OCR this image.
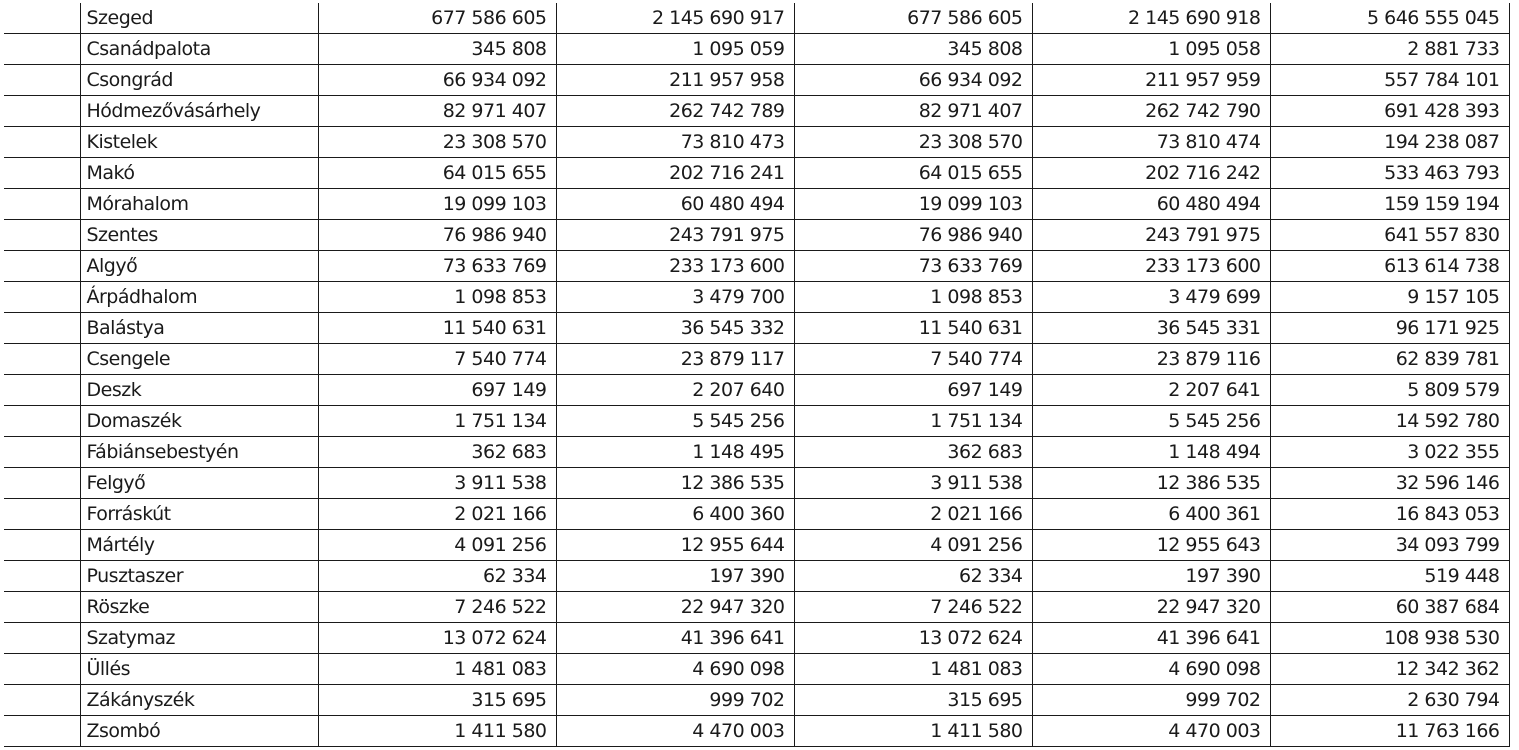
	Szeged	677 586 605	2 145 690 917	677 586 605	2 145 690 918	5 646 555 045
	Csanádpalota	345 808	1 095 059	345 808	1 095 058	2 881 733
	Csongrád	66 934 092	211 957 958	66 934 092	211 957 959	557 784 101
	Hódmezővásárhely	82 971 407	262 742 789	82 971 407	262 742 790	691 428 393
	Kistelek	23 308 570	73 810 473	23 308 570	73 810 474	194 238 087
	Makó	64 015 655	202 716 241	64 015 655	202 716 242	533 463 793
	Mórahalom	19 099 103	60 480 494	19 099 103	60 480 494	159 159 194
	Szentes	76 986 940	243 791 975	76 986 940	243 791 975	641 557 830
	Algyő	73 633 769	233 173 600	73 633 769	233 173 600	613 614 738
	Árpádhalom	1 098 853	3 479 700	1 098 853	3 479 699	9 157 105
	Balástya	11 540 631	36 545 332	11 540 631	36 545 331	96 171 925
	Csengele	7 540 774	23 879 117	7 540 774	23 879 116	62 839 781
	Deszk	697 149	2 207 640	697 149	2 207 641	5 809 579
	Domaszék	1 751 134	5 545 256	1 751 134	5 545 256	14 592 780
	Fábiánsebestyén	362 683	1 148 495	362 683	1 148 494	3 022 355
	Felgyő	3 911 538	12 386 535	3 911 538	12 386 535	32 596 146
	Forráskút	2 021 166	6 400 360	2 021 166	6 400 361	16 843 053
	Mártély	4 091 256	12 955 644	4 091 256	12 955 643	34 093 799
	Pusztaszer	62 334	197 390	62 334	197 390	519 448
	Röszke	7 246 522	22 947 320	7 246 522	22 947 320	60 387 684
	Szatymaz	13 072 624	41 396 641	13 072 624	41 396 641	108 938 530
	Üllés	1 481 083	4 690 098	1 481 083	4 690 098	12 342 362
	Zákányszék	315 695	999 702	315 695	999 702	2 630 794
	Zsombó	1 411 580	4 470 003	1 411 580	4 470 003	11 763 166
